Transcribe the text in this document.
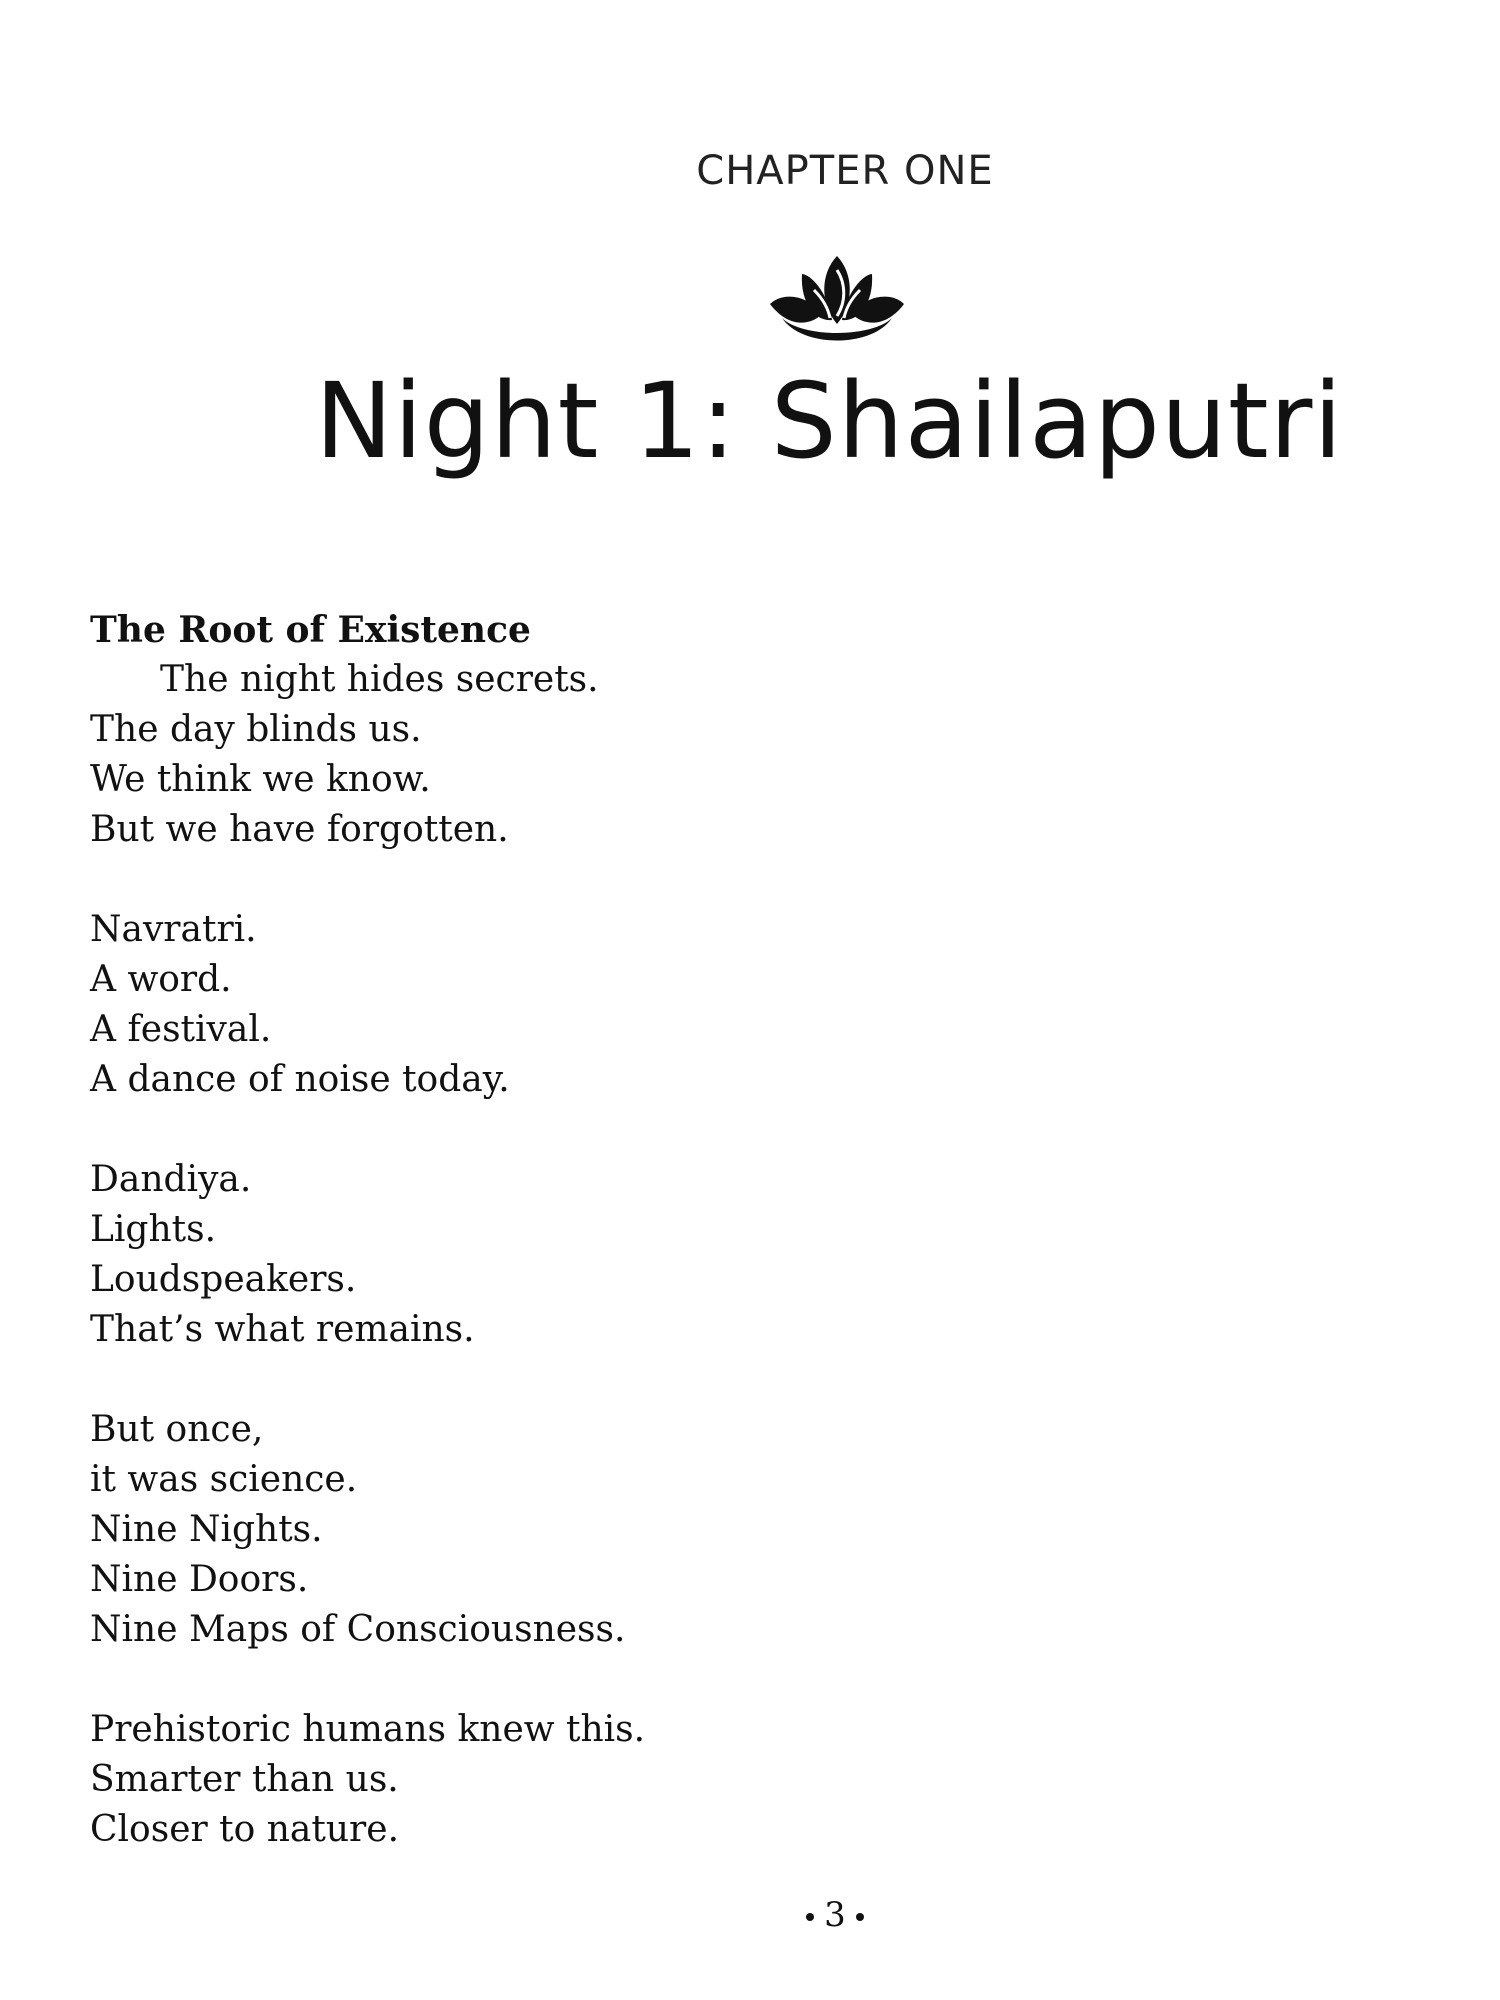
CHAPTER ONE
Night 1: Shailaputri
The Root of Existence
The night hides secrets.
The day blinds us.
We think we know.
But we have forgotten.
Navratri.
A word.
A festival.
A dance of noise today.
Dandiya.
Lights.
Loudspeakers.
That’s what remains.
But once,
it was science.
Nine Nights.
Nine Doors.
Nine Maps of Consciousness.
Prehistoric humans knew this.
Smarter than us.
Closer to nature.
3
